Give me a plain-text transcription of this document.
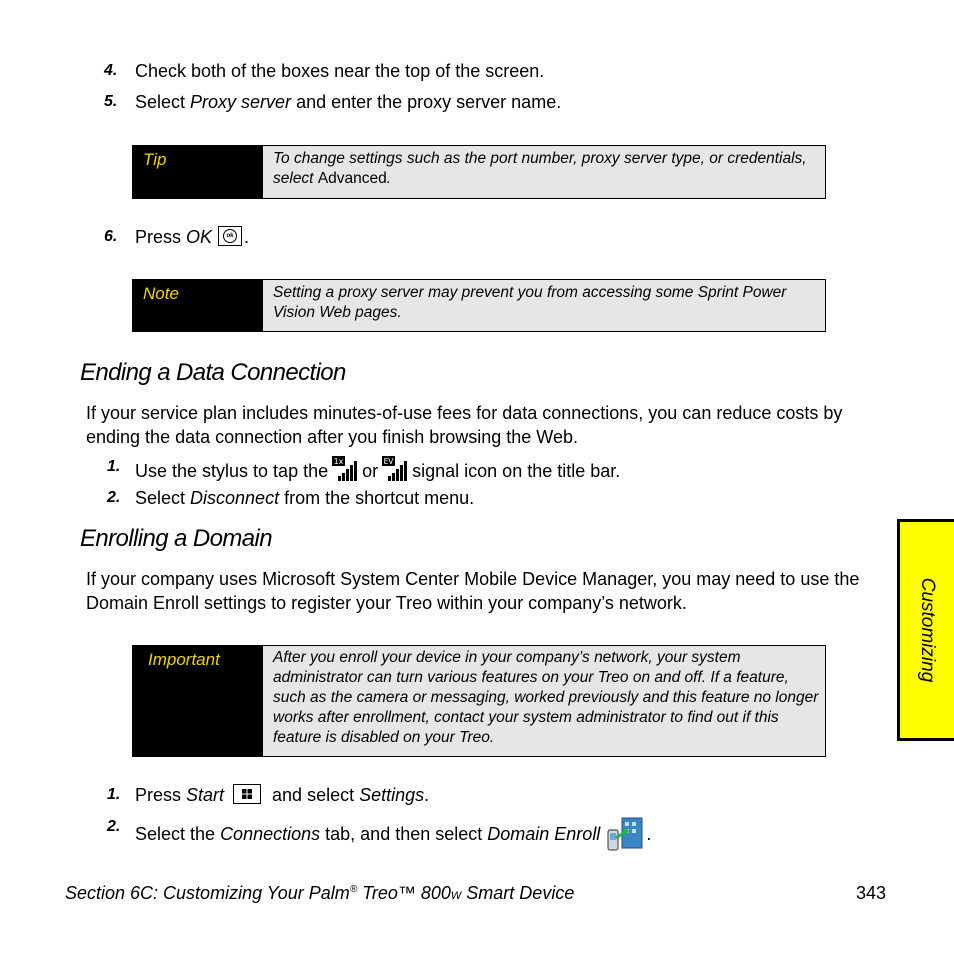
4. Check both of the boxes near the top of the screen.
5. Select Proxy server and enter the proxy server name.
Tip	To change settings such as the port number, proxy server type, or credentials, select Advanced.
6. Press OK	ok .
Note	Setting a proxy server may prevent you from accessing some Sprint Power Vision Web pages.
Ending a Data Connection
If your service plan includes minutes-of-use fees for data connections, you can reduce costs by ending the data connection after you finish browsing the Web.
1. Use the stylus to tap the 1x or EV signal icon on the title bar.
2. Select Disconnect from the shortcut menu.
Enrolling a Domain
If your company uses Microsoft System Center Mobile Device Manager, you may need to use the Domain Enroll settings to register your Treo within your company’s network.
Important	After you enroll your device in your company’s network, your system administrator can turn various features on your Treo on and off. If a feature, such as the camera or messaging, worked previously and this feature no longer works after enrollment, contact your system administrator to find out if this feature is disabled on your Treo.
1. Press Start
and select Settings.
2. Select the Connections tab, and then select Domain Enroll	.
Customizing
Section 6C: Customizing Your Palm® Treo™ 800W Smart Device	343
